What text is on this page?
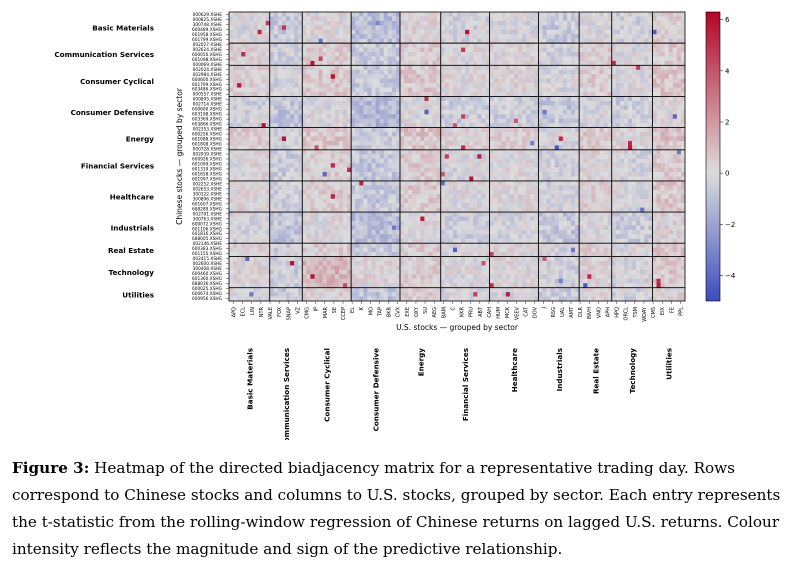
000629.XSHE
000825.XSHE
300748.XSHE
600489.XSHG
601958.XSHG
601799.XSHG
002027.XSHE
002624.XSHE
600050.XSHG
601098.XSHG
000069.XSHE
002024.XSHE
002984.XSHE
600600.XSHG
601799.XSHG
603486.XSHG
000557.XSHE
000895.XSHE
002714.XSHE
600600.XSHG
603198.XSHG
603369.XSHG
603866.XSHG
002353.XSHE
600256.XSHG
601088.XSHG
601808.XSHG
000728.XSHE
002939.XSHE
600926.XSHG
601099.XSHG
601319.XSHG
601658.XSHG
601997.XSHG
002252.XSHE
002653.XSHE
300122.XSHE
300896.XSHE
601607.XSHG
688289.XSHG
002791.XSHE
300763.XSHE
600072.XSHG
601106.XSHG
601816.XSHG
688005.XSHG
002146.XSHE
600383.XSHG
601155.XSHG
002415.XSHE
002600.XSHE
300408.XSHE
600460.XSHG
601360.XSHG
688036.XSHG
600025.XSHG
600674.XSHG
600956.XSHG
Basic Materials
Communication Services
Consumer Cyclical
Consumer Defensive
Energy
Financial Services
Healthcare
Industrials
Real Estate
Technology
Utilities
APD ECL LIN NTR VALE FOX SNAP VZ CMG IP MAR SE CCEP EL K MO TAP BKR CVX EXE OXY SU AEG BAM C KKR PRU ABT CAH HUM MCK VEEV CAT DOV J RSG UAL AMT DLR INVH VNO APH HPQ ORCL TSM WDAY CMS EIX FE PPL
Basic Materials	Communication Services	Consumer Cyclical	Consumer Defensive	Energy	Financial Services	Healthcare	Industrials	Real Estate	Technology	Utilities
Chinese stocks — grouped by sector
U.S. stocks — grouped by sector
6
4
2
0
−2
−4
Figure 3: Heatmap of the directed biadjacency matrix for a representative trading day. Rows correspond to Chinese stocks and columns to U.S. stocks, grouped by sector. Each entry represents the t-statistic from the rolling-window regression of Chinese returns on lagged U.S. returns. Colour intensity reflects the magnitude and sign of the predictive relationship.
